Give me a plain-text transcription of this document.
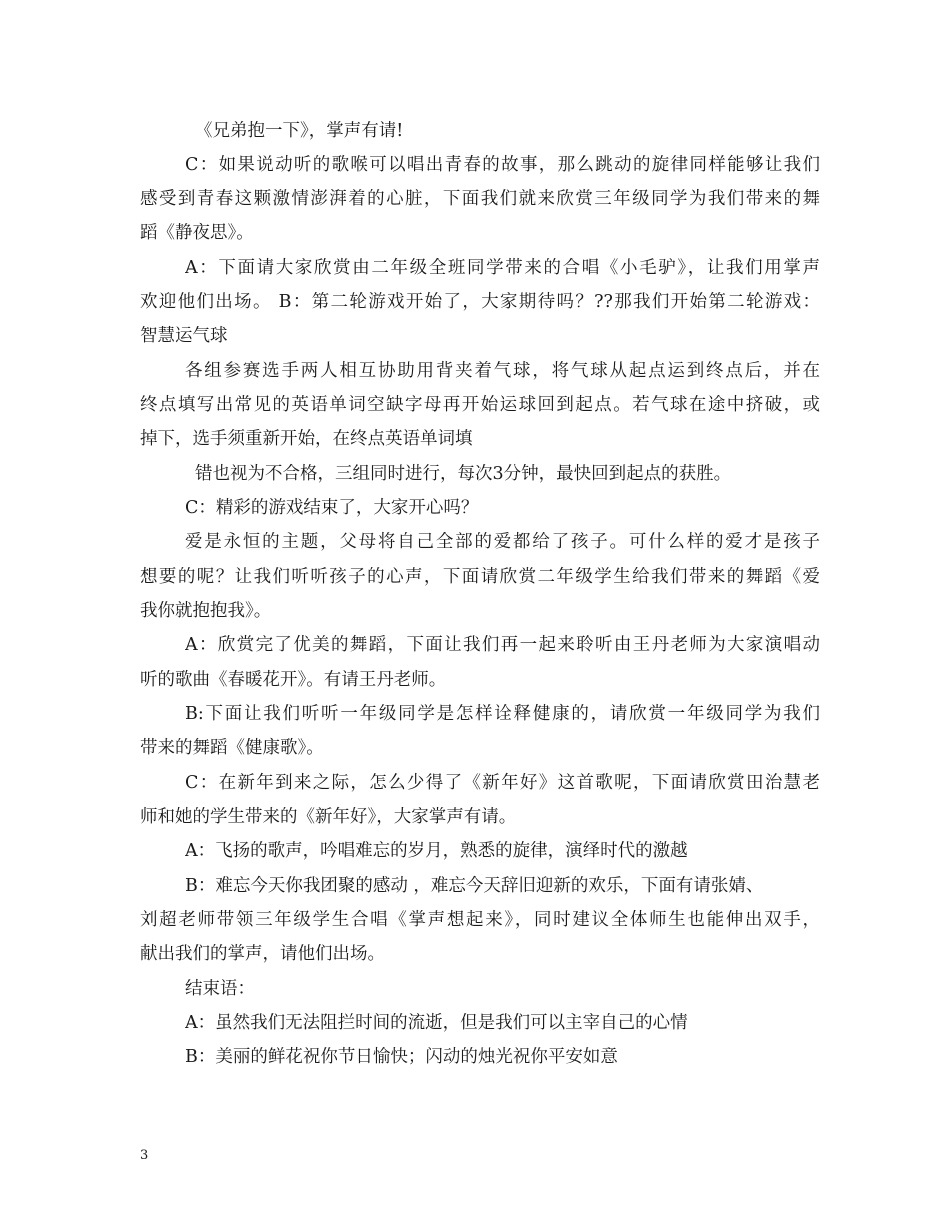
《兄弟抱一下》，掌声有请!
C：如果说动听的歌喉可以唱出青春的故事，那么跳动的旋律同样能够让我们
感受到青春这颗激情澎湃着的心脏，下面我们就来欣赏三年级同学为我们带来的舞
蹈《静夜思》。
A：下面请大家欣赏由二年级全班同学带来的合唱《小毛驴》，让我们用掌声
欢迎他们出场。 B：第二轮游戏开始了，大家期待吗？??那我们开始第二轮游戏：
智慧运气球
各组参赛选手两人相互协助用背夹着气球，将气球从起点运到终点后，并在
终点填写出常见的英语单词空缺字母再开始运球回到起点。若气球在途中挤破，或
掉下，选手须重新开始，在终点英语单词填
错也视为不合格，三组同时进行，每次3分钟，最快回到起点的获胜。
C：精彩的游戏结束了，大家开心吗？
爱是永恒的主题，父母将自己全部的爱都给了孩子。可什么样的爱才是孩子
想要的呢？让我们听听孩子的心声，下面请欣赏二年级学生给我们带来的舞蹈《爱
我你就抱抱我》。
A：欣赏完了优美的舞蹈，下面让我们再一起来聆听由王丹老师为大家演唱动
听的歌曲《春暖花开》。有请王丹老师。
B:下面让我们听听一年级同学是怎样诠释健康的，请欣赏一年级同学为我们
带来的舞蹈《健康歌》。
C：在新年到来之际，怎么少得了《新年好》这首歌呢，下面请欣赏田治慧老
师和她的学生带来的《新年好》，大家掌声有请。
A：飞扬的歌声，吟唱难忘的岁月，熟悉的旋律，演绎时代的激越
B：难忘今天你我团聚的感动 ，难忘今天辞旧迎新的欢乐，下面有请张婧、
刘超老师带领三年级学生合唱《掌声想起来》，同时建议全体师生也能伸出双手，
献出我们的掌声，请他们出场。
结束语：
A：虽然我们无法阻拦时间的流逝，但是我们可以主宰自己的心情
B：美丽的鲜花祝你节日愉快；闪动的烛光祝你平安如意
3
